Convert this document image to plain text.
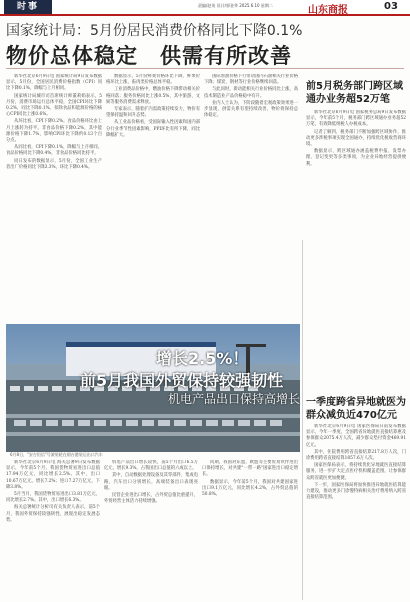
时事	责编/赵英 设计/郭金华 2025.6.10 星期二	山东商报	03
国家统计局：5月份居民消费价格同比下降0.1%
物价总体稳定　供需有所改善

新华社北京6月9日电 国家统计局9日发布数据显示，5月份，全国居民消费价格指数（CPI）同比下降0.1%，降幅与上月相同。

国家统计局城市司首席统计师董莉娟表示，5月份，消费市场运行总体平稳，全国CPI环比下降0.2%，同比下降0.1%，扣除食品和能源价格的核心CPI同比上涨0.6%。

从环比看，CPI下降0.2%。食品价格环比由上月上涨转为持平。非食品价格下降0.2%，其中能源价格下降1.7%，影响CPI环比下降约0.13个百分点。

从同比看，CPI下降0.1%，降幅与上月相同。食品价格同比下降0.4%，非食品价格同比持平。

同日发布的数据显示，5月份，全国工业生产者出厂价格同比下降3.3%，环比下降0.4%。

数据显示，5月份鲜菜价格环比下降，鲜果价格环比上涨，畜肉类价格总体平稳。

工业消费品价格中，燃油价格下降带动相关价格回落；服务价格同比上涨0.5%，其中旅游、文娱等服务消费需求释放。

专家表示，随着扩内需政策持续发力，物价有望保持温和回升态势。

从工业品价格看，受国际输入性因素和国内部分行业季节性因素影响，PPI环比有所下降，同比降幅扩大。

国际原油价格下行带动国内石油相关行业价格下降；煤炭、钢材等行业价格继续回落。

与此同时，新动能相关行业价格同比上涨，高技术制造业产品价格稳中有升。

业内人士认为，下阶段随着宏观政策效果进一步显现，供需关系有望持续改善，物价将保持总体稳定。

前5月税务部门跨区域通办业务超52万笔

新华社北京6月9日电 国家税务总局9日发布数据显示，今年前5个月，税务部门跨区域通办业务超52万笔，有效降低纳税人办税成本。

记者了解到，税务部门不断加强跨区域协作，推动更多涉税事项实现全国通办，持续优化税收营商环境。

数据显示，跨区域通办涵盖税费申报、发票办理、登记变更等多类事项，为企业异地经营提供便利。

增长2.5%！
前5月我国外贸保持较强韧性
机电产品出口保持高增长
6月8日，"安吉恒信"号滚装轮在烟台港装运出口汽车

新华社北京6月9日电 海关总署9日发布数据显示，今年前5个月，我国货物贸易进出口总值17.94万亿元，同比增长2.5%。其中，出口10.67万亿元，增长7.2%；进口7.27万亿元，下降3.8%。

5月当月，我国货物贸易进出口3.81万亿元，同比增长2.7%。其中，出口增长6.3%。

海关总署统计分析司有关负责人表示，前5个月，我国外贸保持较强韧性，展现出稳定发展态势。

机电产品出口增长较快，前5个月出口6.5万亿元，增长9.3%，占我国出口总值的六成以上。

其中，自动数据处理设备及其零部件、集成电路、汽车出口分别增长，高端装备出口表现亮眼。

民营企业进出口增长，占外贸总值比重提升，外贸经营主体活力持续增强。

同期，我国对东盟、欧盟等主要贸易伙伴进出口保持增长，对共建"一带一路"国家进出口稳定增长。

数据显示，今年前5个月，我国对共建国家进出口9.1万亿元，同比增长4.2%，占外贸总值的50.8%。

一季度跨省异地就医为群众减负近470亿元

新华社北京6月9日电 国家医保局日前发布数据显示，今年一季度，全国跨省异地就医直接结算惠及参保群众2075.4万人次，减少群众垫付资金469.91亿元。

其中，住院费用跨省直接结算217.8万人次，门诊费用跨省直接结算1857.6万人次。

国家医保局表示，将持续优化异地就医直接结算服务，进一步扩大定点医疗机构覆盖范围，让参保群众跨省就医更加便捷。

下一步，国家医保局将加快推进异地就医结算能力建设，推动更多门诊慢特病相关治疗费用纳入跨省直接结算范围。
